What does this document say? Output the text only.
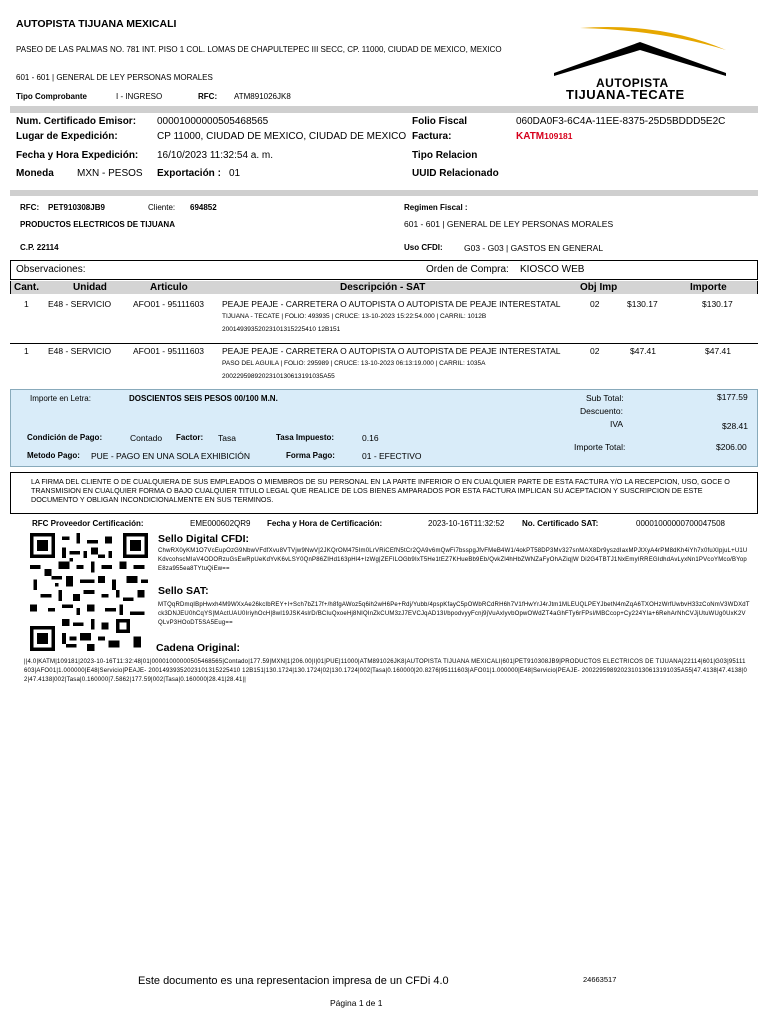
AUTOPISTA TIJUANA MEXICALI
PASEO DE LAS PALMAS NO. 781 INT. PISO 1 COL. LOMAS DE CHAPULTEPEC III SECC, CP. 11000, CIUDAD DE MEXICO, MEXICO
601 - 601 | GENERAL DE LEY PERSONAS MORALES
Tipo Comprobante	I - INGRESO	RFC: ATM891026JK8
AUTOPISTA
TIJUANA-TECATE
Num. Certificado Emisor: 00001000000505468565
Lugar de Expedición:	CP 11000, CIUDAD DE MEXICO, CIUDAD DE MEXICO
Fecha y Hora Expedición: 16/10/2023 11:32:54 a. m.
Moneda MXN - PESOS Exportación : 01
Folio Fiscal	060DA0F3-6C4A-11EE-8375-25D5BDDD5E2C
Factura:	KATM109181
Tipo Relacion
UUID Relacionado
RFC: PET910308JB9	Cliente: 694852
PRODUCTOS ELECTRICOS DE TIJUANA
C.P. 22114
Regimen Fiscal :
601 - 601 | GENERAL DE LEY PERSONAS MORALES
Uso CFDI:	G03 - G03 | GASTOS EN GENERAL
Observaciones:	Orden de Compra: KIOSCO WEB
Cant.	Unidad	Articulo	Descripción - SAT	Obj Imp	Importe
1 E48 - SERVICIO	AFO01 - 95111603 PEAJE PEAJE - CARRETERA O AUTOPISTA O AUTOPISTA DE PEAJE INTERESTATAL	02	$130.17	$130.17
TIJUANA - TECATE | FOLIO: 493935 | CRUCE: 13-10-2023 15:22:54.000 | CARRIL: 1012B
20014939352023101315225410 12B151
1 E48 - SERVICIO	AFO01 - 95111603 PEAJE PEAJE - CARRETERA O AUTOPISTA O AUTOPISTA DE PEAJE INTERESTATAL	02	$47.41	$47.41
PASO DEL AGUILA | FOLIO: 295989 | CRUCE: 13-10-2023 06:13:19.000 | CARRIL: 1035A
2002295989202310130613191035A55
Importe en Letra:	DOSCIENTOS SEIS PESOS 00/100 M.N.	Sub Total:	$177.59
Descuento:
IVA	$28.41
Importe Total:	$206.00
Condición de Pago:	Contado Factor: Tasa	Tasa Impuesto:	0.16
Metodo Pago: PUE - PAGO EN UNA SOLA EXHIBICIÓN	Forma Pago:	01 - EFECTIVO
LA FIRMA DEL CLIENTE O DE CUALQUIERA DE SUS EMPLEADOS O MIEMBROS DE SU PERSONAL EN LA PARTE INFERIOR O EN CUALQUIER PARTE DE ESTA FACTURA Y/O LA RECEPCION, USO, GOCE O TRANSMISION EN CUALQUIER FORMA O BAJO CUALQUIER TITULO LEGAL QUE REALICE DE LOS BIENES AMPARADOS POR ESTA FACTURA IMPLICAN SU ACEPTACION Y SUSCRIPCION DE ESTE DOCUMENTO Y OBLIGAN INCONDICIONALMENTE EN SUS TERMINOS.
RFC Proveedor Certificación:	EME000602QR9 Fecha y Hora de Certificación:	2023-10-16T11:32:52 No. Certificado SAT:	00001000000700047508
Sello Digital CFDI:
ChwRX0yKM1O7VcEupOzG9NbwVFdfXvu8VTVjw9NwV|2JKQrOM475Im0LrVRiCEfN5tCr2QA9v6mQwFi7bsspgJfvFMeB4W1/4okPT58DP3Mv327snMAX8Dr9yszdIaxMPJtXyA4rPM8dKh4iYh7x0fuXIpjuL+U1UKdvcohscMIaV4ODORzuGsEwRpUeKdYvK6vLSY0QnP86ZIHd163pHl4+IzWg|ZEFILOGb9IxT5He1tEZ7KHueBb9Eb/QvkZl4hHbZWNZaFyOhAZiq|W Di2G4TBTJ1NxEmyIRREGIdhdAvLyxNn1PVcoYMco/BYopE8za955ea8TYtuQiEw==
Sello SAT:
MTQqRDmqIBpHwxh4M9WXxAe26kcIbREY+I+Sch7bZ17f+/h8fgAWoz5q6ih2wH6Pe+Rdj/Yubb/4pspKfayC5pOWbRCdRH6h7V1fHwYrJ4rJtm1MLEUQLPEYJbetN4mZqA6TXOHzWrfUwbvH33zCoNmV3WDXdTck3DNJEU0hCqYS|MActUAU0IriyhOcH|8wI19JSK4slrD/BCIuQxoeHj8NIQInZkCUM3zJ7EVCJqAD13I/bpodvyyFcnj9jVuAxlyvbOpwOWdZT4aGhFTy6rFPsl/MBCcop+Cy224YIa+6RehArNhCVJjUtuWUg0UxK2VQLvP3HOoDT5SA5Eug==
Cadena Original:
||4.0|KATM|109181|2023-10-16T11:32:48|01|00001000000505468565|Contado|177.59|MXN|1|206.00|I|01|PUE|11000|ATM891026JK8|AUTOPISTA TIJUANA MEXICALI|601|PET910308JB9|PRODUCTOS ELECTRICOS DE TIJUANA|22114|601|G03|95111603|AFO01|1.000000|E48|Servicio|PEAJE- 20014939352023101315225410 12B151|130.1724|130.1724|02|130.1724|002|Tasa|0.160000|20.8276|95111603|AFO01|1.000000|E48|Servicio|PEAJE- 2002295989202310130613191035A55|47.4138|47.4138|02|47.4138|002|Tasa|0.160000|7.5862|177.59|002|Tasa|0.160000|28.41|28.41||
Este documento es una representacion impresa de un CFDi 4.0	24663517
Página 1 de 1
